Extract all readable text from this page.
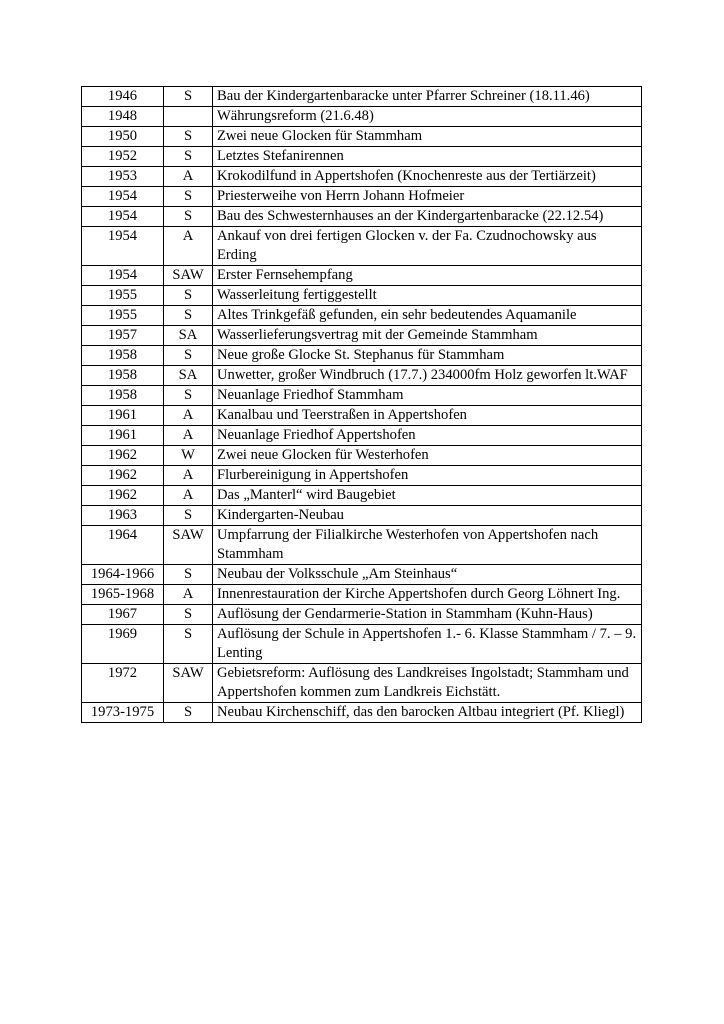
1946	S	Bau der Kindergartenbaracke unter Pfarrer Schreiner (18.11.46)
1948		Währungsreform (21.6.48)
1950	S	Zwei neue Glocken für Stammham
1952	S	Letztes Stefanirennen
1953	A	Krokodilfund in Appertshofen (Knochenreste aus der Tertiärzeit)
1954	S	Priesterweihe von Herrn Johann Hofmeier
1954	S	Bau des Schwesternhauses an der Kindergartenbaracke (22.12.54)
1954	A	Ankauf von drei fertigen Glocken v. der Fa. Czudnochowsky aus Erding
1954	SAW	Erster Fernsehempfang
1955	S	Wasserleitung fertiggestellt
1955	S	Altes Trinkgefäß gefunden, ein sehr bedeutendes Aquamanile
1957	SA	Wasserlieferungsvertrag mit der Gemeinde Stammham
1958	S	Neue große Glocke St. Stephanus für Stammham
1958	SA	Unwetter, großer Windbruch (17.7.) 234000fm Holz geworfen lt.WAF
1958	S	Neuanlage Friedhof Stammham
1961	A	Kanalbau und Teerstraßen in Appertshofen
1961	A	Neuanlage Friedhof Appertshofen
1962	W	Zwei neue Glocken für Westerhofen
1962	A	Flurbereinigung in Appertshofen
1962	A	Das „Manterl“ wird Baugebiet
1963	S	Kindergarten-Neubau
1964	SAW	Umpfarrung der Filialkirche Westerhofen von Appertshofen nach Stammham
1964-1966	S	Neubau der Volksschule „Am Steinhaus“
1965-1968	A	Innenrestauration der Kirche Appertshofen durch Georg Löhnert Ing.
1967	S	Auflösung der Gendarmerie-Station in Stammham (Kuhn-Haus)
1969	S	Auflösung der Schule in Appertshofen 1.- 6. Klasse Stammham / 7. – 9. Lenting
1972	SAW	Gebietsreform: Auflösung des Landkreises Ingolstadt; Stammham und Appertshofen kommen zum Landkreis Eichstätt.
1973-1975	S	Neubau Kirchenschiff, das den barocken Altbau integriert (Pf. Kliegl)
